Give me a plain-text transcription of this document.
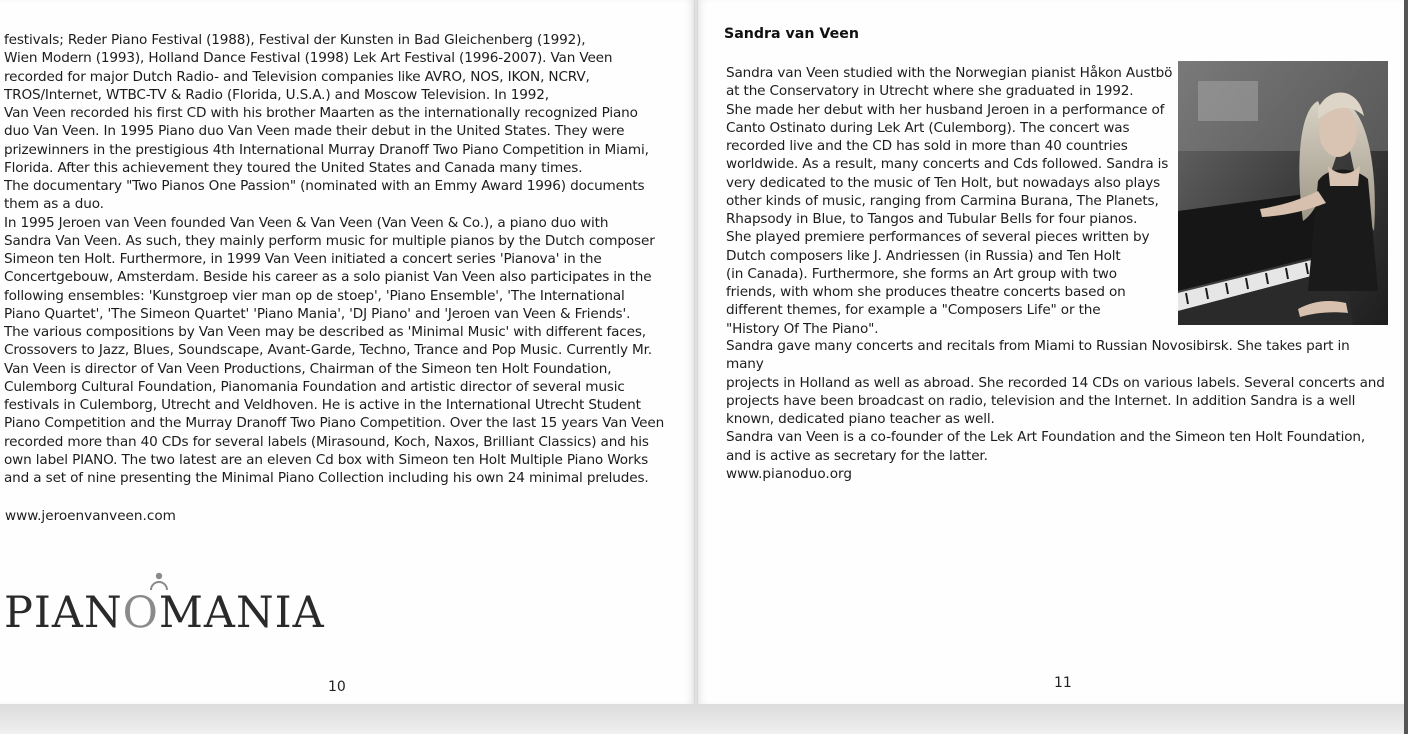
festivals; Reder Piano Festival (1988), Festival der Kunsten in Bad Gleichenberg (1992),

Wien Modern (1993), Holland Dance Festival (1998) Lek Art Festival (1996-2007). Van Veen

recorded for major Dutch Radio- and Television companies like AVRO, NOS, IKON, NCRV,

TROS/Internet, WTBC-TV & Radio (Florida, U.S.A.) and Moscow Television. In 1992,

Van Veen recorded his first CD with his brother Maarten as the internationally recognized Piano

duo Van Veen. In 1995 Piano duo Van Veen made their debut in the United States. They were

prizewinners in the prestigious 4th International Murray Dranoff Two Piano Competition in Miami,

Florida. After this achievement they toured the United States and Canada many times.

The documentary "Two Pianos One Passion" (nominated with an Emmy Award 1996) documents

them as a duo.

In 1995 Jeroen van Veen founded Van Veen & Van Veen (Van Veen & Co.), a piano duo with

Sandra Van Veen. As such, they mainly perform music for multiple pianos by the Dutch composer

Simeon ten Holt. Furthermore, in 1999 Van Veen initiated a concert series 'Pianova' in the

Concertgebouw, Amsterdam. Beside his career as a solo pianist Van Veen also participates in the

following ensembles: 'Kunstgroep vier man op de stoep', 'Piano Ensemble', 'The International

Piano Quartet', 'The Simeon Quartet' 'Piano Mania', 'DJ Piano' and 'Jeroen van Veen & Friends'.

The various compositions by Van Veen may be described as 'Minimal Music' with different faces,

Crossovers to Jazz, Blues, Soundscape, Avant-Garde, Techno, Trance and Pop Music. Currently Mr.

Van Veen is director of Van Veen Productions, Chairman of the Simeon ten Holt Foundation,

Culemborg Cultural Foundation, Pianomania Foundation and artistic director of several music

festivals in Culemborg, Utrecht and Veldhoven. He is active in the International Utrecht Student

Piano Competition and the Murray Dranoff Two Piano Competition. Over the last 15 years Van Veen

recorded more than 40 CDs for several labels (Mirasound, Koch, Naxos, Brilliant Classics) and his

own label PIANO. The two latest are an eleven Cd box with Simeon ten Holt Multiple Piano Works

and a set of nine presenting the Minimal Piano Collection including his own 24 minimal preludes.

www.jeroenvanveen.com
PIANOMANIA
10
Sandra van Veen

Sandra van Veen studied with the Norwegian pianist Håkon Austbö

at the Conservatory in Utrecht where she graduated in 1992.

She made her debut with her husband Jeroen in a performance of

Canto Ostinato during Lek Art (Culemborg). The concert was

recorded live and the CD has sold in more than 40 countries

worldwide. As a result, many concerts and Cds followed. Sandra is

very dedicated to the music of Ten Holt, but nowadays also plays

other kinds of music, ranging from Carmina Burana, The Planets,

Rhapsody in Blue, to Tangos and Tubular Bells for four pianos.

She played premiere performances of several pieces written by

Dutch composers like J. Andriessen (in Russia) and Ten Holt

(in Canada). Furthermore, she forms an Art group with two

friends, with whom she produces theatre concerts based on

different themes, for example a "Composers Life" or the

"History Of The Piano".

Sandra gave many concerts and recitals from Miami to Russian Novosibirsk. She takes part in many

projects in Holland as well as abroad. She recorded 14 CDs on various labels. Several concerts and

projects have been broadcast on radio, television and the Internet. In addition Sandra is a well

known, dedicated piano teacher as well.

Sandra van Veen is a co-founder of the Lek Art Foundation and the Simeon ten Holt Foundation,

and is active as secretary for the latter.

www.pianoduo.org
11
